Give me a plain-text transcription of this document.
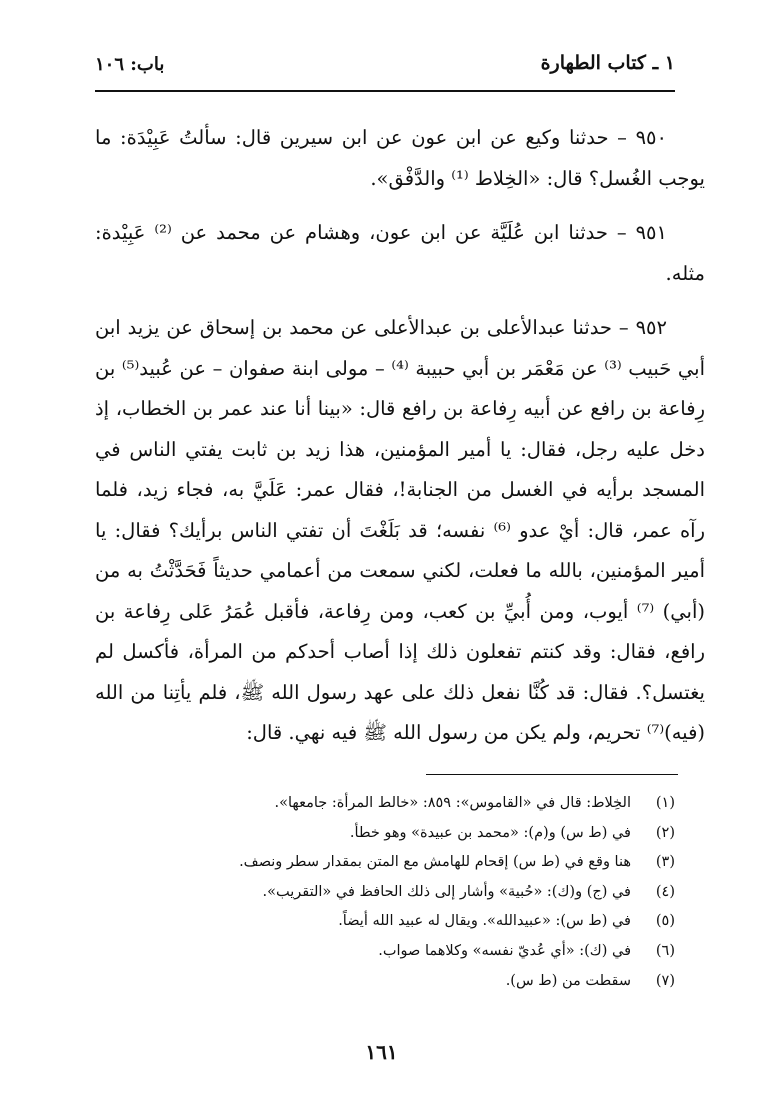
١ ـ كتاب الطهارة
باب: ١٠٦

٩٥٠ – حدثنا وكيع عن ابن عون عن ابن سيرين قال: سألتُ عَبِيْدَة: ما يوجب الغُسل؟ قال: «الخِلاط ⁽¹⁾ والدَّفْق».

٩٥١ – حدثنا ابن عُلَيَّة عن ابن عون، وهشام عن محمد عن ⁽²⁾ عَبِيْدة: مثله.

٩٥٢ – حدثنا عبدالأعلى بن عبدالأعلى عن محمد بن إسحاق عن يزيد ابن أبي حَبيب ⁽³⁾ عن مَعْمَر بن أبي حبيبة ⁽⁴⁾ – مولى ابنة صفوان – عن عُبيد⁽⁵⁾ بن رِفاعة بن رافع عن أبيه رِفاعة بن رافع قال: «بينا أنا عند عمر بن الخطاب، إذ دخل عليه رجل، فقال: يا أمير المؤمنين، هذا زيد بن ثابت يفتي الناس في المسجد برأيه في الغسل من الجنابة!، فقال عمر: عَلَيَّ به، فجاء زيد، فلما رآه عمر، قال: أيْ عدو ⁽⁶⁾ نفسه؛ قد بَلَغْتَ أن تفتي الناس برأيك؟ فقال: يا أمير المؤمنين، بالله ما فعلت، لكني سمعت من أعمامي حديثاً فَحَدَّثْتُ به من (أبي) ⁽⁷⁾ أيوب، ومن أُبيِّ بن كعب، ومن رِفاعة، فأقبل عُمَرُ عَلى رِفاعة بن رافع، فقال: وقد كنتم تفعلون ذلك إذا أصاب أحدكم من المرأة، فأكسل لم يغتسل؟. فقال: قد كُنَّا نفعل ذلك على عهد رسول الله ﷺ، فلم يأتِنا من الله (فيه)⁽⁷⁾ تحريم، ولم يكن من رسول الله ﷺ فيه نهي. قال:

(١)
الخِلاط: قال في «القاموس»: ٨٥٩: «خالط المرأة: جامعها».
(٢)
في (ط س) و(م): «محمد بن عبيدة» وهو خطأ.
(٣)
هنا وقع في (ط س) إقحام للهامش مع المتن بمقدار سطر ونصف.
(٤)
في (ج) و(ك): «حُبية» وأشار إلى ذلك الحافظ في «التقريب».
(٥)
في (ط س): «عبيدالله». ويقال له عبيد الله أيضاً.
(٦)
في (ك): «أي عُديّ نفسه» وكلاهما صواب.
(٧)
سقطت من (ط س).
١٦١
